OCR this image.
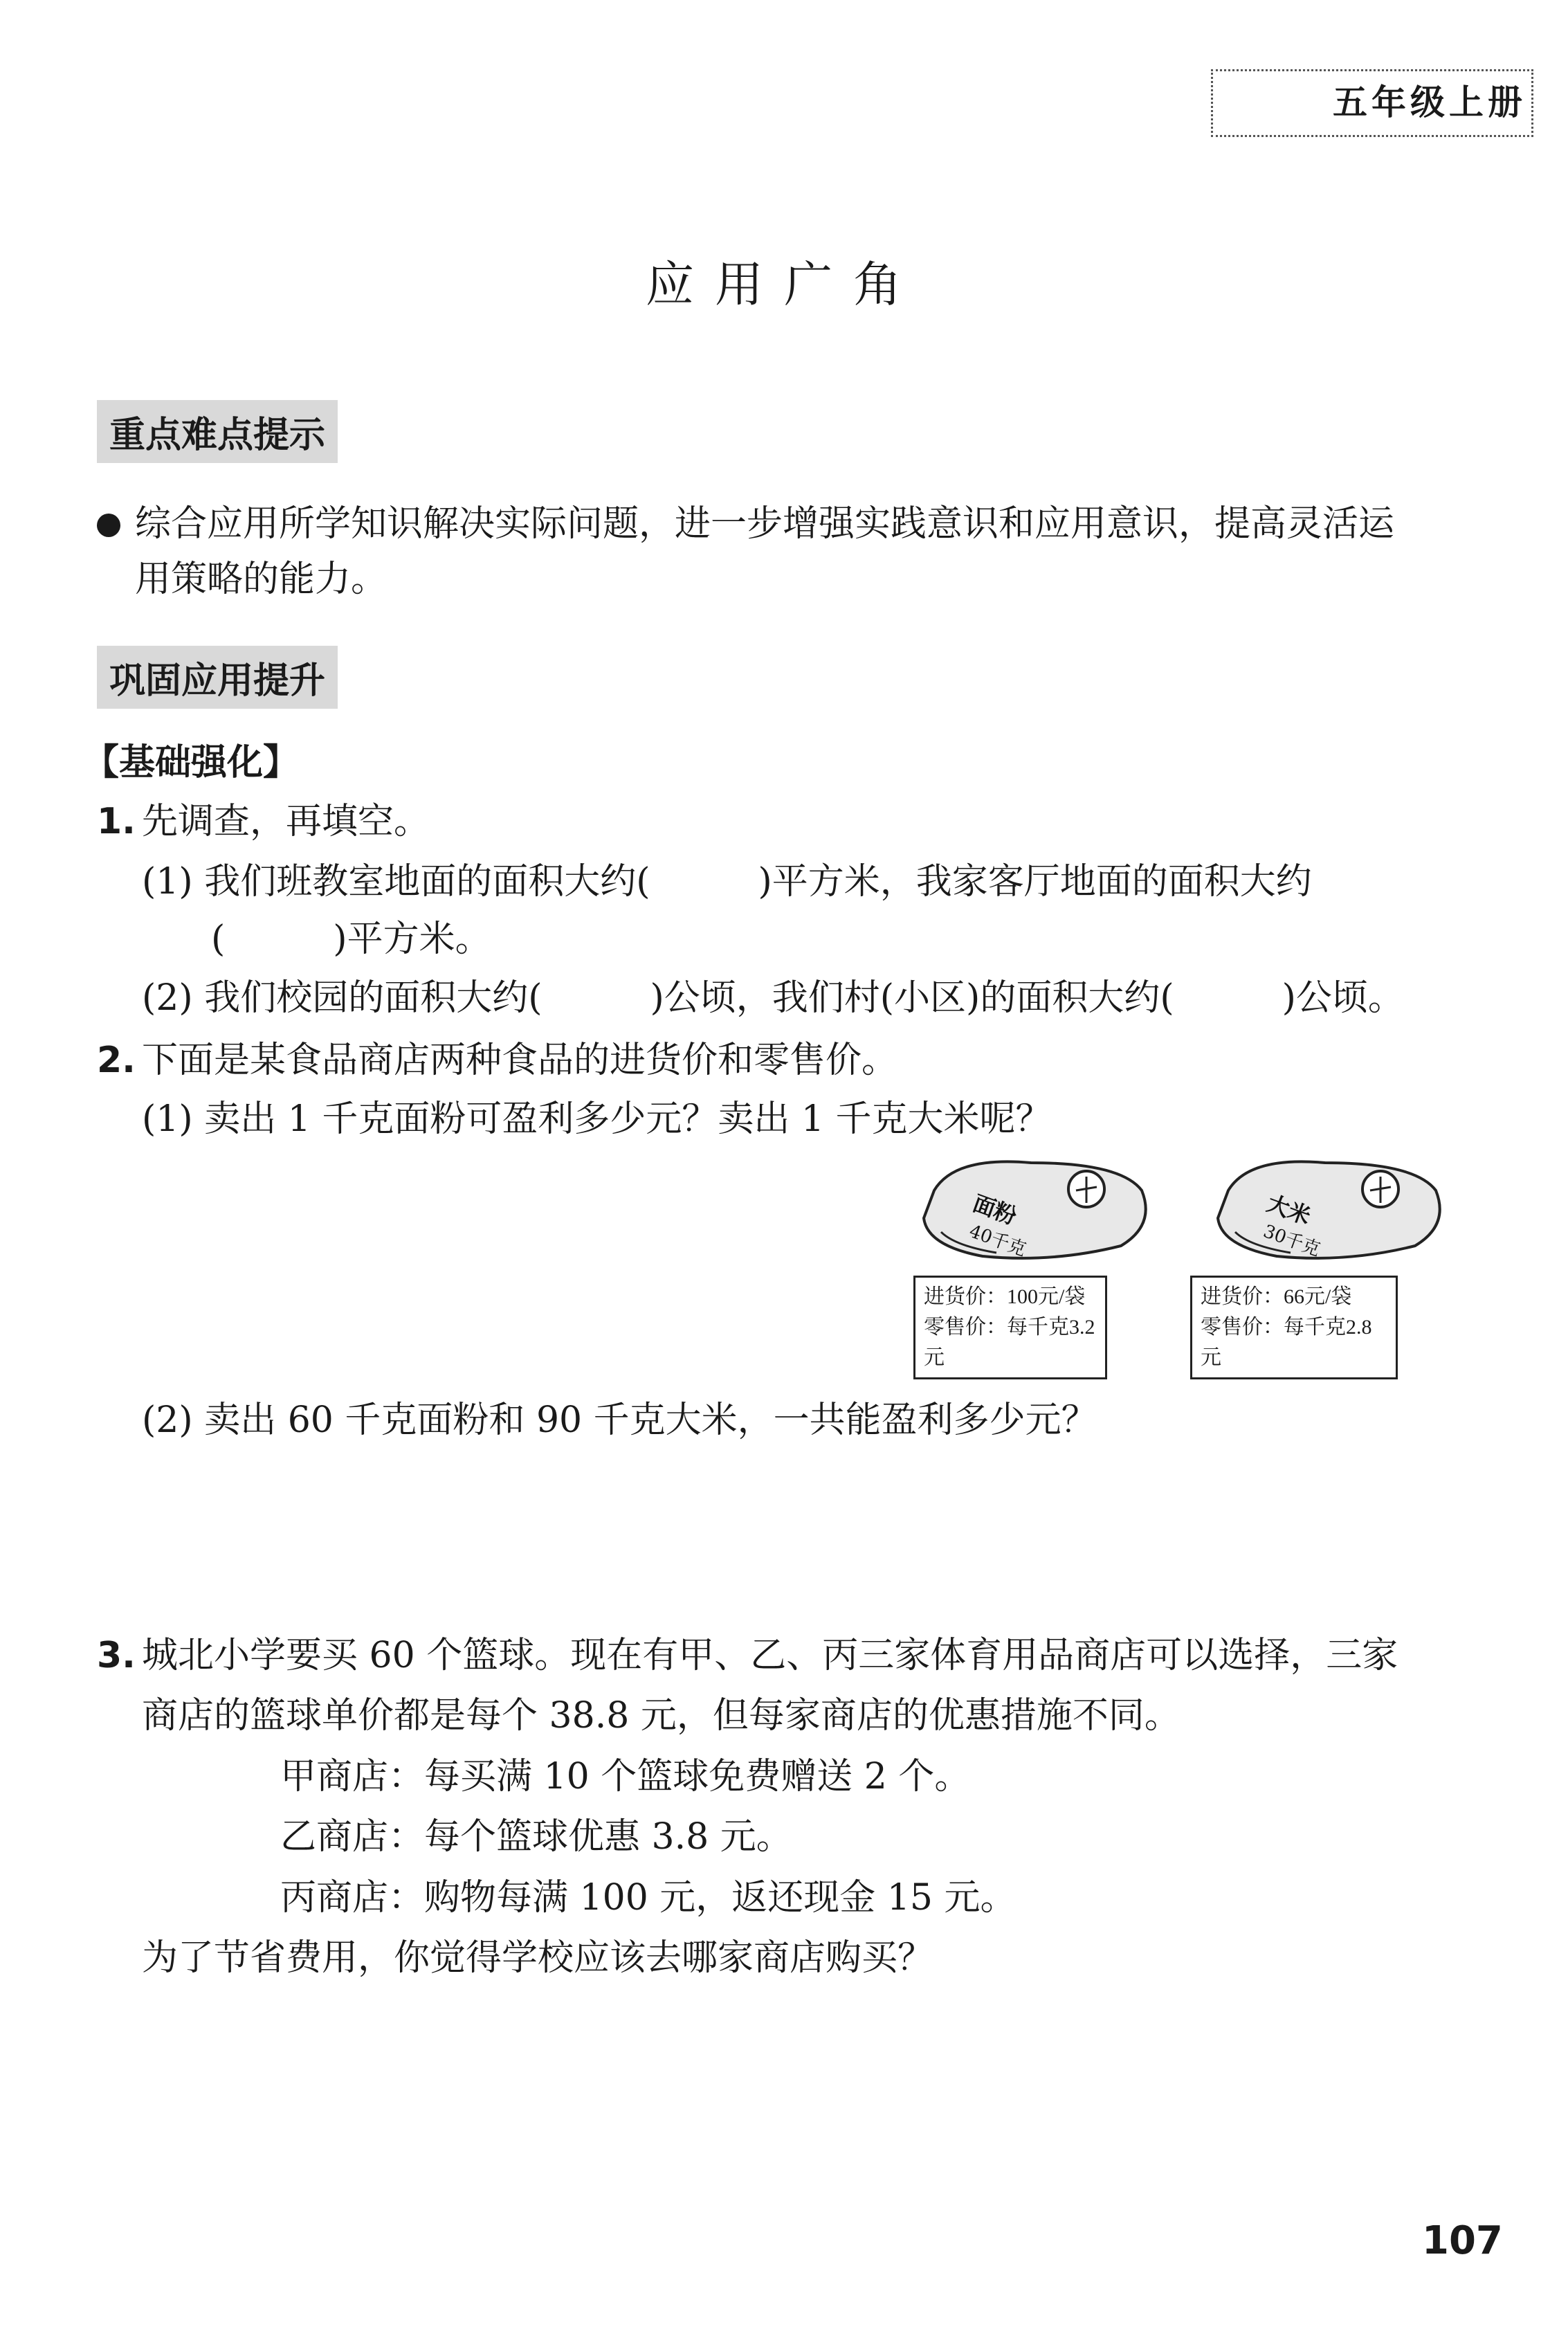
五年级上册
应用广角
重点难点提示
综合应用所学知识解决实际问题，进一步增强实践意识和应用意识，提高灵活运
用策略的能力。
巩固应用提升
【基础强化】
1. 先调查，再填空。
(1) 我们班教室地面的面积大约(　　　)平方米，我家客厅地面的面积大约
(　　　)平方米。
(2) 我们校园的面积大约(　　　)公顷，我们村(小区)的面积大约(　　　)公顷。
2. 下面是某食品商店两种食品的进货价和零售价。
(1) 卖出 1 千克面粉可盈利多少元？卖出 1 千克大米呢？
面粉
40千克
大米
30千克
进货价：100元/袋
零售价：每千克3.2元
进货价：66元/袋
零售价：每千克2.8元
(2) 卖出 60 千克面粉和 90 千克大米，一共能盈利多少元？
3. 城北小学要买 60 个篮球。现在有甲、乙、丙三家体育用品商店可以选择，三家
商店的篮球单价都是每个 38.8 元，但每家商店的优惠措施不同。
甲商店：每买满 10 个篮球免费赠送 2 个。
乙商店：每个篮球优惠 3.8 元。
丙商店：购物每满 100 元，返还现金 15 元。
为了节省费用，你觉得学校应该去哪家商店购买？
107
